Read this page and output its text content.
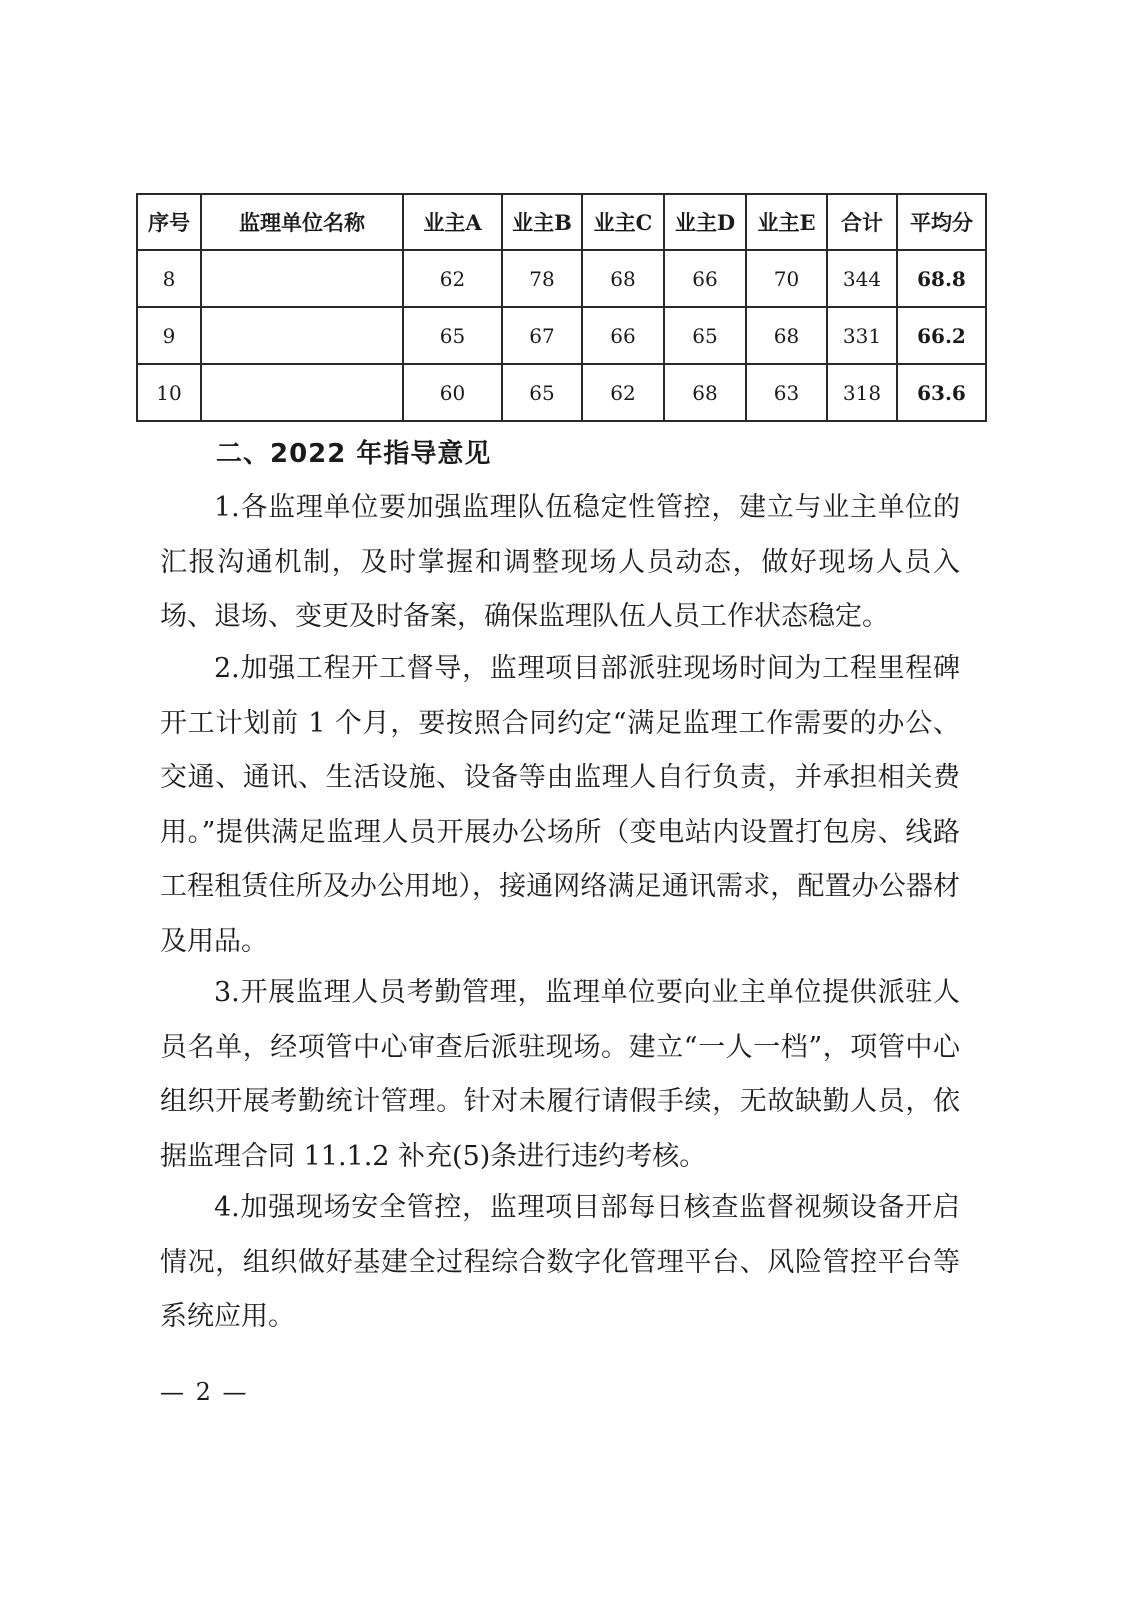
序号	监理单位名称	业主A	业主B	业主C	业主D	业主E	合计	平均分
8		62	78	68	66	70	344	68.8
9		65	67	66	65	68	331	66.2
10		60	65	62	68	63	318	63.6
二、2022 年指导意见

1.各监理单位要加强监理队伍稳定性管控，建立与业主单位的汇报沟通机制，及时掌握和调整现场人员动态，做好现场人员入场、退场、变更及时备案，确保监理队伍人员工作状态稳定。

2.加强工程开工督导，监理项目部派驻现场时间为工程里程碑开工计划前 1 个月，要按照合同约定“满足监理工作需要的办公、交通、通讯、生活设施、设备等由监理人自行负责，并承担相关费用。”提供满足监理人员开展办公场所（变电站内设置打包房、线路工程租赁住所及办公用地），接通网络满足通讯需求，配置办公器材及用品。

3.开展监理人员考勤管理，监理单位要向业主单位提供派驻人员名单，经项管中心审查后派驻现场。建立“一人一档”，项管中心组织开展考勤统计管理。针对未履行请假手续，无故缺勤人员，依据监理合同 11.1.2 补充(5)条进行违约考核。

4.加强现场安全管控，监理项目部每日核查监督视频设备开启情况，组织做好基建全过程综合数字化管理平台、风险管控平台等系统应用。

— 2 —
